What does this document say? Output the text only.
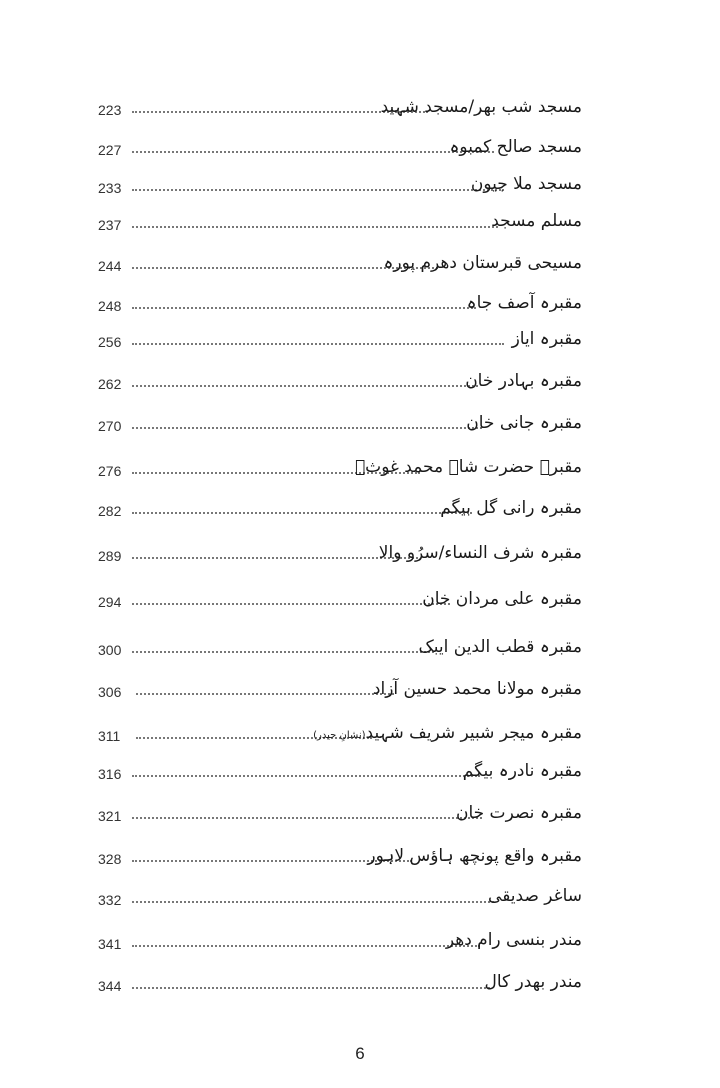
223	مسجد شب بھر/مسجد شہید
227	مسجد صالح کمبوہ
233	مسجد ملا جیون
237	مسلم مسجد
244	مسیحی قبرستان دھرم پورہ
248	مقبرہ آصف جاہ
256	مقبرہ ایاز
262	مقبرہ بہادر خان
270	مقبرہ جانی خان
276	مقبرہ حضرت شاہ محمد غوثؒ
282	مقبرہ رانی گل بیگم
289	مقبرہ شرف النساء/سرُو والا
294	مقبرہ علی مردان خان
300	مقبرہ قطب الدین ایبک
306	مقبرہ مولانا محمد حسین آزاد
311	مقبرہ میجر شبیر شریف شہید(نشانِ حیدر)
316	مقبرہ نادرہ بیگم
321	مقبرہ نصرت خان
328	مقبرہ واقع پونچھ ہاؤس لاہور
332	ساغر صدیقی
341	مندر بنسی رام دھر
344	مندر بھدر کال
6
